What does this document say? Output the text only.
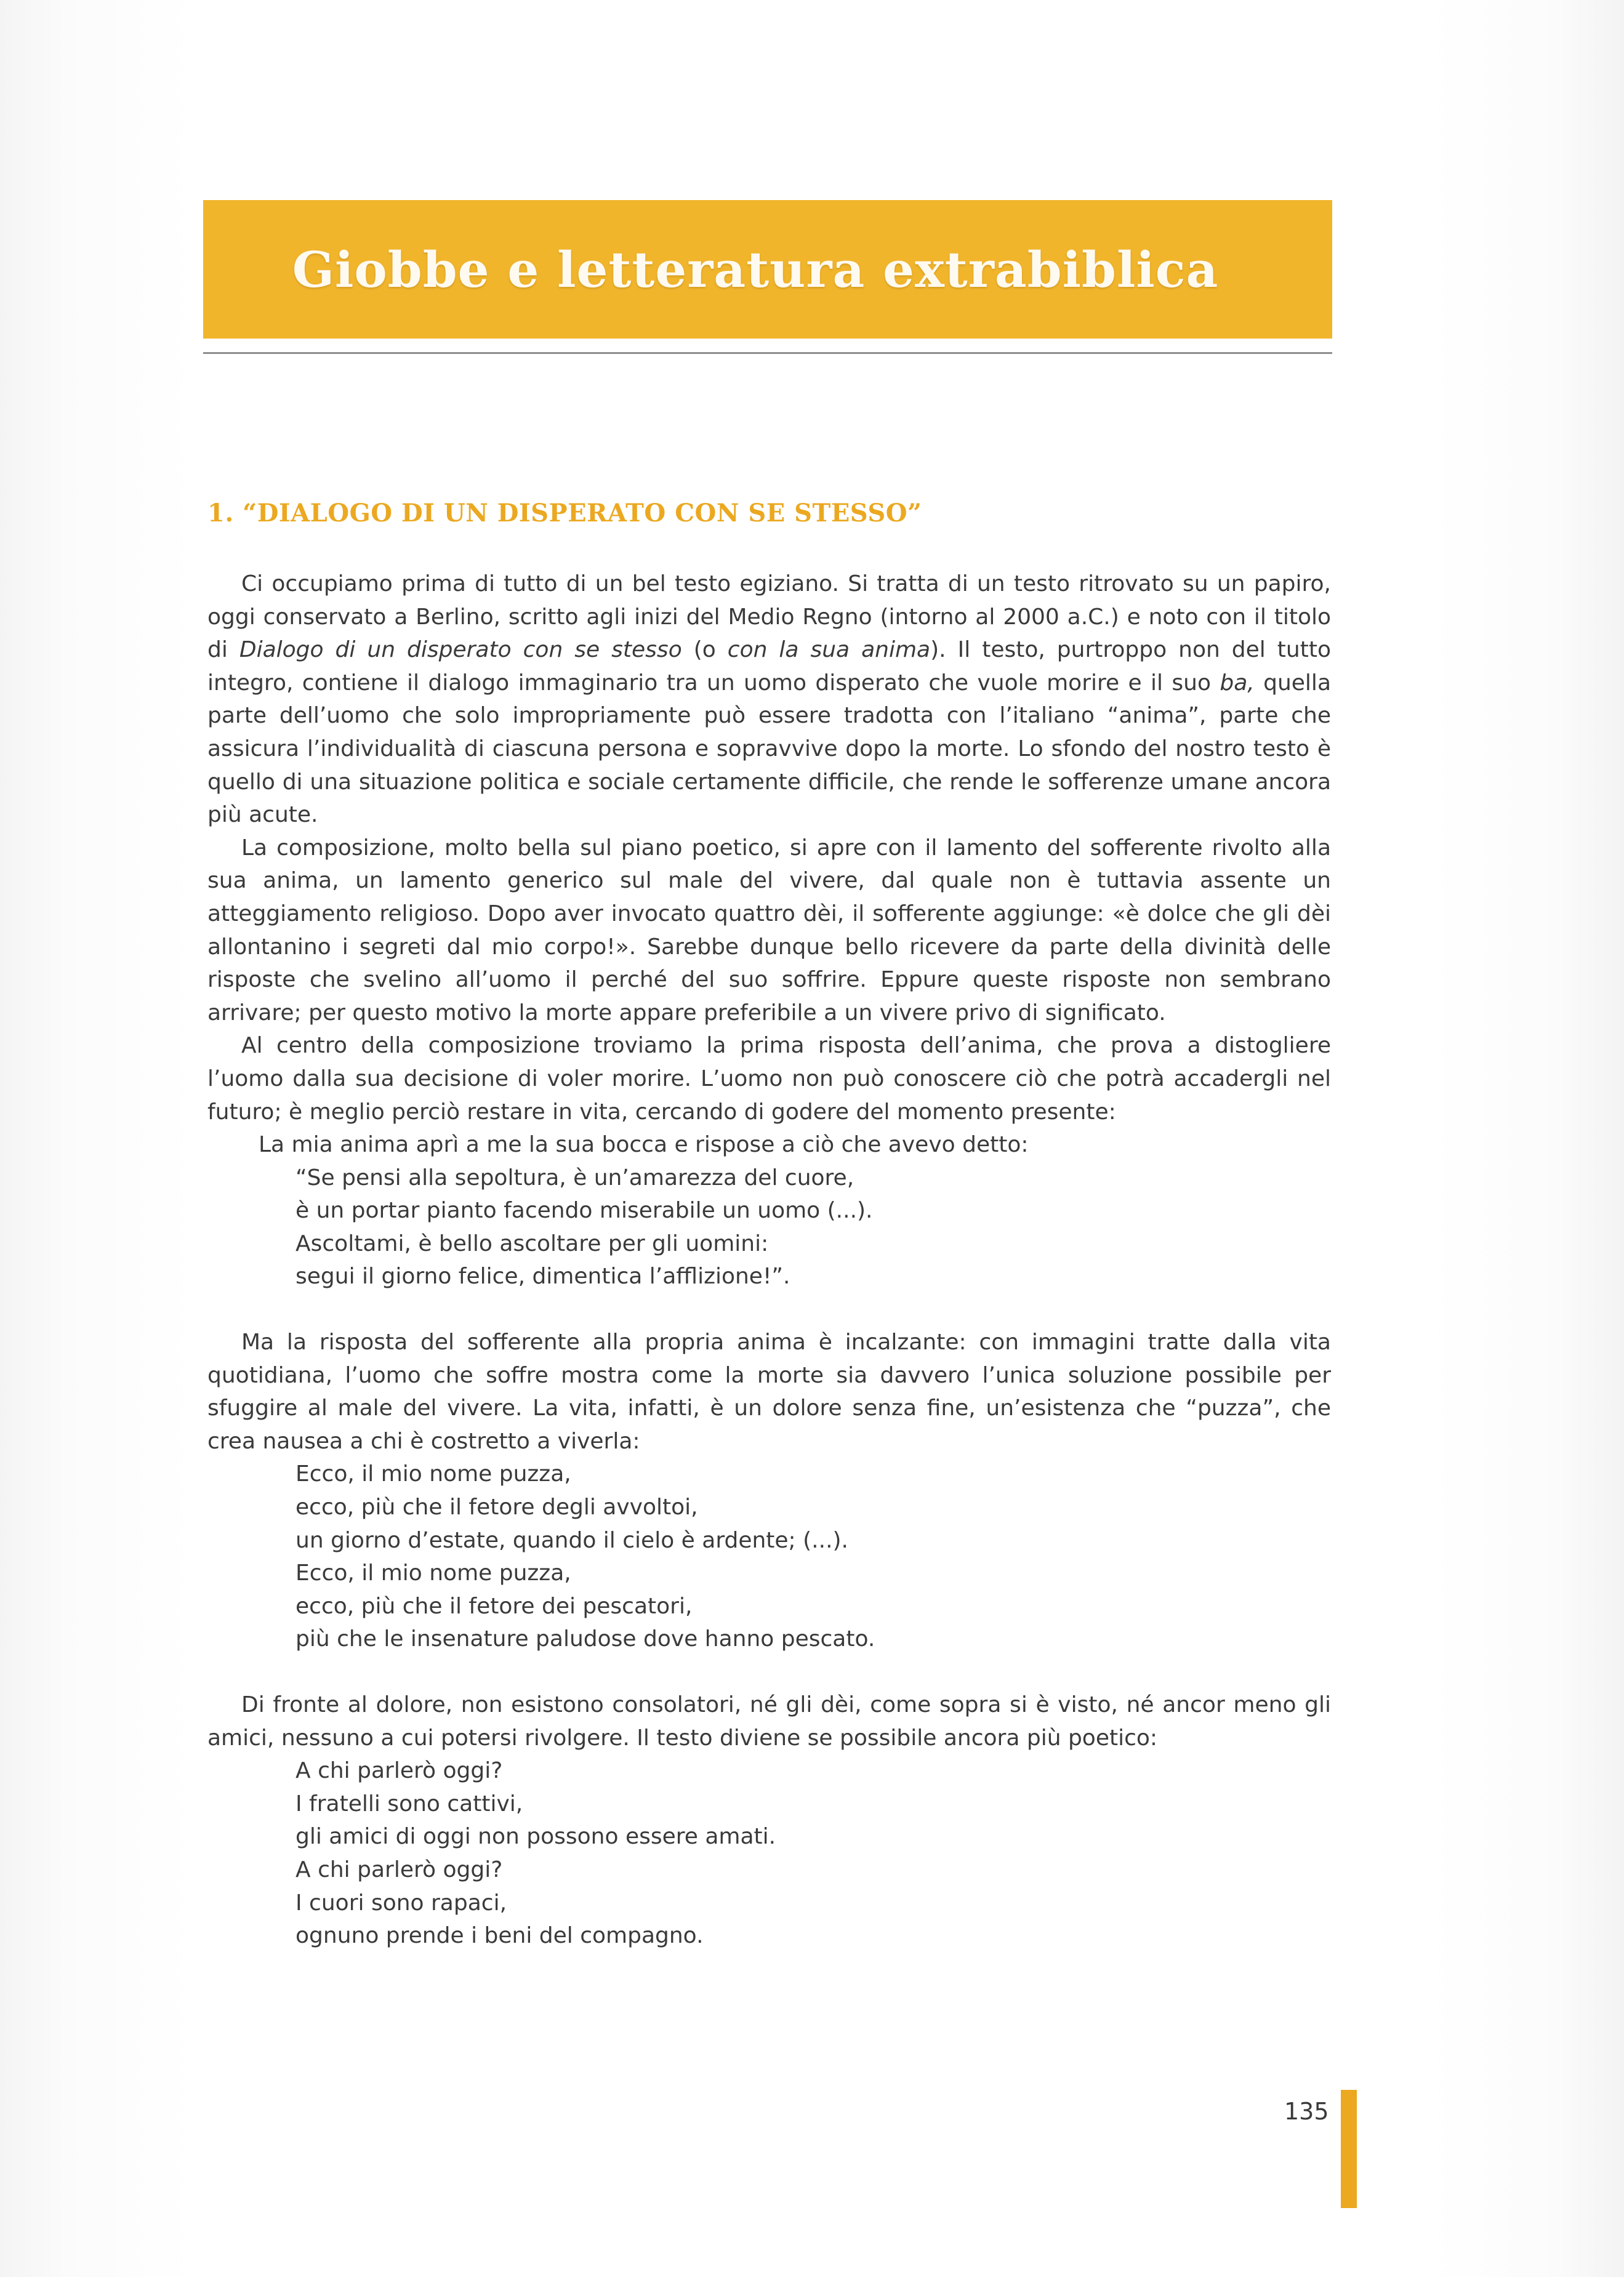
Giobbe e letteratura extrabiblica
1. “DIALOGO DI UN DISPERATO CON SE STESSO”

Ci occupiamo prima di tutto di un bel testo egiziano. Si tratta di un testo ritrovato su un papiro, oggi conservato a Berlino, scritto agli inizi del Medio Regno (intorno al 2000 a.C.) e noto con il titolo di Dialogo di un disperato con se stesso (o con la sua anima). Il testo, purtroppo non del tutto integro, contiene il dialogo immaginario tra un uomo disperato che vuole morire e il suo ba, quella parte dell’uomo che solo impropriamente può essere tradotta con l’italiano “anima”, parte che assicura l’individualità di ciascuna persona e sopravvive dopo la morte. Lo sfondo del nostro testo è quello di una situazione politica e sociale certamente difficile, che rende le sofferenze umane ancora più acute.

La composizione, molto bella sul piano poetico, si apre con il lamento del sofferente rivolto alla sua anima, un lamento generico sul male del vivere, dal quale non è tuttavia assente un atteggiamento religioso. Dopo aver invocato quattro dèi, il sofferente aggiunge: «è dolce che gli dèi allontanino i segreti dal mio corpo!». Sarebbe dunque bello ricevere da parte della divinità delle risposte che svelino all’uomo il perché del suo soffrire. Eppure queste risposte non sembrano arrivare; per questo motivo la morte appare preferibile a un vivere privo di significato.

Al centro della composizione troviamo la prima risposta dell’anima, che prova a distogliere l’uomo dalla sua decisione di voler morire. L’uomo non può conoscere ciò che potrà accadergli nel futuro; è meglio perciò restare in vita, cercando di godere del momento presente:

La mia anima aprì a me la sua bocca e rispose a ciò che avevo detto:
“Se pensi alla sepoltura, è un’amarezza del cuore,
è un portar pianto facendo miserabile un uomo (...).
Ascoltami, è bello ascoltare per gli uomini:
segui il giorno felice, dimentica l’afflizione!”.

Ma la risposta del sofferente alla propria anima è incalzante: con immagini tratte dalla vita quotidiana, l’uomo che soffre mostra come la morte sia davvero l’unica soluzione possibile per sfuggire al male del vivere. La vita, infatti, è un dolore senza fine, un’esistenza che “puzza”, che crea nausea a chi è costretto a viverla:

Ecco, il mio nome puzza,
ecco, più che il fetore degli avvoltoi,
un giorno d’estate, quando il cielo è ardente; (...).
Ecco, il mio nome puzza,
ecco, più che il fetore dei pescatori,
più che le insenature paludose dove hanno pescato.

Di fronte al dolore, non esistono consolatori, né gli dèi, come sopra si è visto, né ancor meno gli amici, nessuno a cui potersi rivolgere. Il testo diviene se possibile ancora più poetico:

A chi parlerò oggi?
I fratelli sono cattivi,
gli amici di oggi non possono essere amati.
A chi parlerò oggi?
I cuori sono rapaci,
ognuno prende i beni del compagno.
135
